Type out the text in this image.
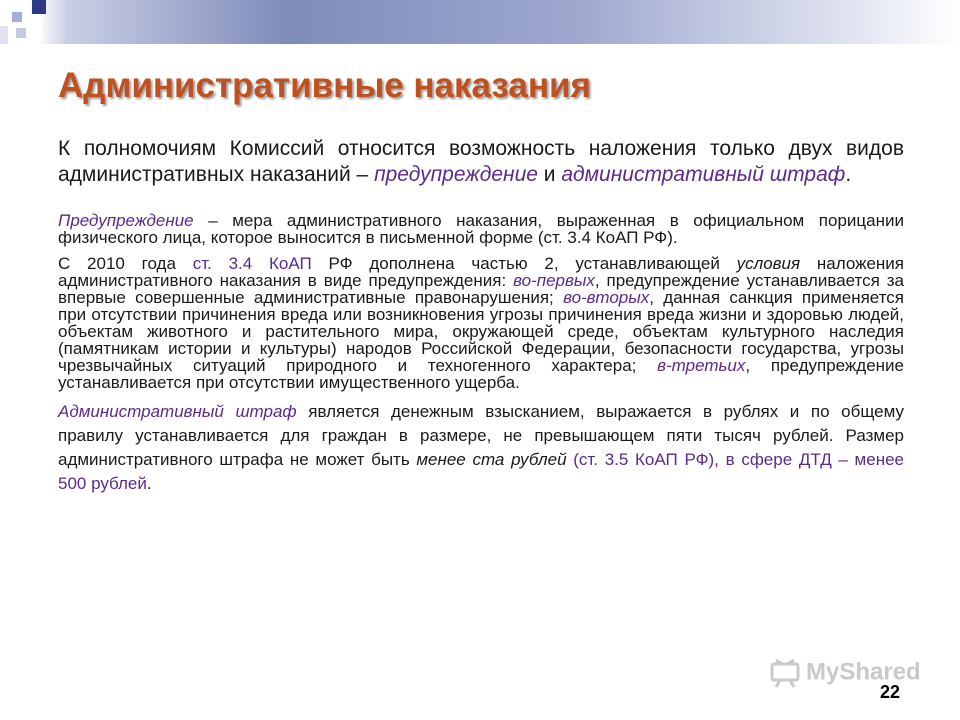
Административные наказания

К полномочиям Комиссий относится возможность наложения только двух видов административных наказаний – предупреждение и административный штраф.

Предупреждение – мера административного наказания, выраженная в официальном порицании физического лица, которое выносится в письменной форме (ст. 3.4 КоАП РФ).

С 2010 года ст. 3.4 КоАП РФ дополнена частью 2, устанавливающей условия наложения административного наказания в виде предупреждения: во-первых, предупреждение устанавливается за впервые совершенные административные правонарушения; во-вторых, данная санкция применяется при отсутствии причинения вреда или возникновения угрозы причинения вреда жизни и здоровью людей, объектам животного и растительного мира, окружающей среде, объектам культурного наследия (памятникам истории и культуры) народов Российской Федерации, безопасности государства, угрозы чрезвычайных ситуаций природного и техногенного характера; в-третьих, предупреждение устанавливается при отсутствии имущественного ущерба.

Административный штраф является денежным взысканием, выражается в рублях и по общему правилу устанавливается для граждан в размере, не превышающем пяти тысяч рублей. Размер административного штрафа не может быть менее ста рублей (ст. 3.5 КоАП РФ), в сфере ДТД – менее 500 рублей.

MyShared
22
